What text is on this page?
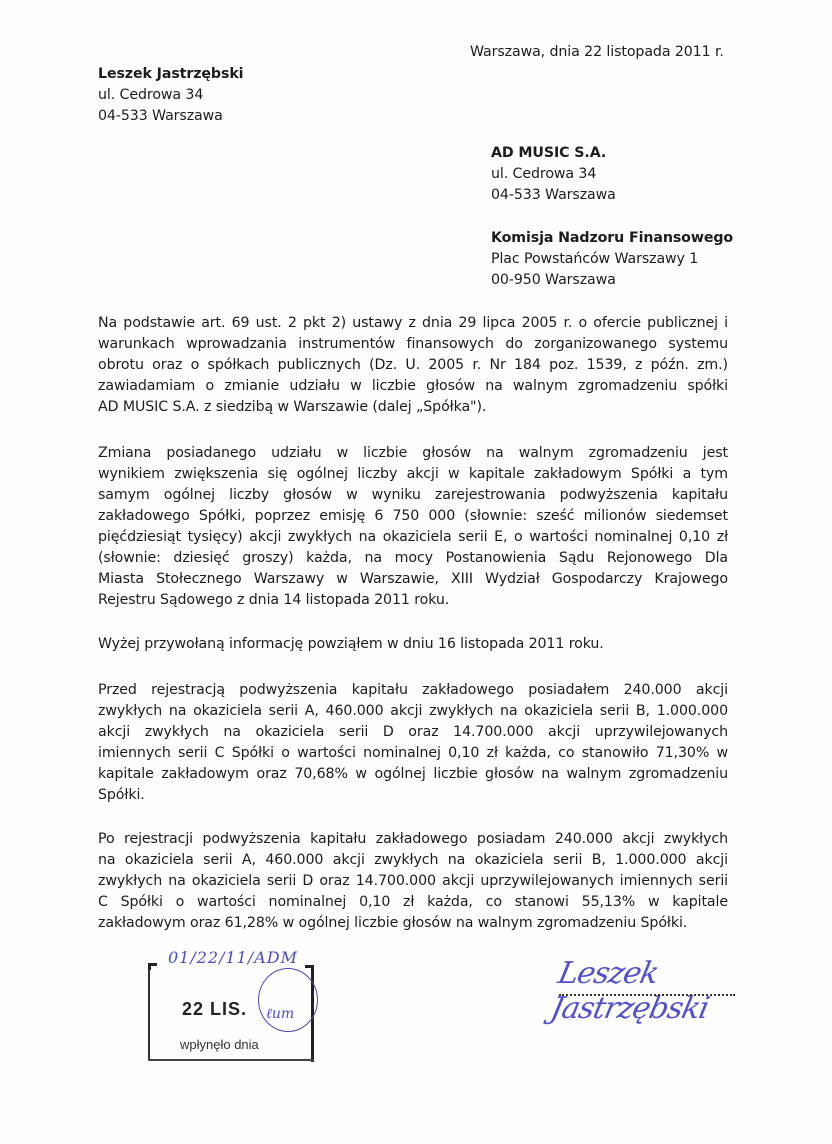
Warszawa, dnia 22 listopada 2011 r.
Leszek Jastrzębski
ul. Cedrowa 34
04-533 Warszawa
AD MUSIC S.A.
ul. Cedrowa 34
04-533 Warszawa
Komisja Nadzoru Finansowego
Plac Powstańców Warszawy 1
00-950 Warszawa
Na podstawie art. 69 ust. 2 pkt 2) ustawy z dnia 29 lipca 2005 r. o ofercie publicznej i
warunkach wprowadzania instrumentów finansowych do zorganizowanego systemu
obrotu oraz o spółkach publicznych (Dz. U. 2005 r. Nr 184 poz. 1539, z późn. zm.)
zawiadamiam o zmianie udziału w liczbie głosów na walnym zgromadzeniu spółki
AD MUSIC S.A. z siedzibą w Warszawie (dalej „Spółka").
Zmiana posiadanego udziału w liczbie głosów na walnym zgromadzeniu jest
wynikiem zwiększenia się ogólnej liczby akcji w kapitale zakładowym Spółki a tym
samym ogólnej liczby głosów w wyniku zarejestrowania podwyższenia kapitału
zakładowego Spółki, poprzez emisję 6 750 000 (słownie: sześć milionów siedemset
pięćdziesiąt tysięcy) akcji zwykłych na okaziciela serii E, o wartości nominalnej 0,10 zł
(słownie: dziesięć groszy) każda, na mocy Postanowienia Sądu Rejonowego Dla
Miasta Stołecznego Warszawy w Warszawie, XIII Wydział Gospodarczy Krajowego
Rejestru Sądowego z dnia 14 listopada 2011 roku.
Wyżej przywołaną informację powziąłem w dniu 16 listopada 2011 roku.
Przed rejestracją podwyższenia kapitału zakładowego posiadałem 240.000 akcji
zwykłych na okaziciela serii A, 460.000 akcji zwykłych na okaziciela serii B, 1.000.000
akcji zwykłych na okaziciela serii D oraz 14.700.000 akcji uprzywilejowanych
imiennych serii C Spółki o wartości nominalnej 0,10 zł każda, co stanowiło 71,30% w
kapitale zakładowym oraz 70,68% w ogólnej liczbie głosów na walnym zgromadzeniu
Spółki.
Po rejestracji podwyższenia kapitału zakładowego posiadam 240.000 akcji zwykłych
na okaziciela serii A, 460.000 akcji zwykłych na okaziciela serii B, 1.000.000 akcji
zwykłych na okaziciela serii D oraz 14.700.000 akcji uprzywilejowanych imiennych serii
C Spółki o wartości nominalnej 0,10 zł każda, co stanowi 55,13% w kapitale
zakładowym oraz 61,28% w ogólnej liczbie głosów na walnym zgromadzeniu Spółki.
01/22/11/ADM
22 LIS.
wpłynęło dnia
ℓum
Leszek Jastrzębski
